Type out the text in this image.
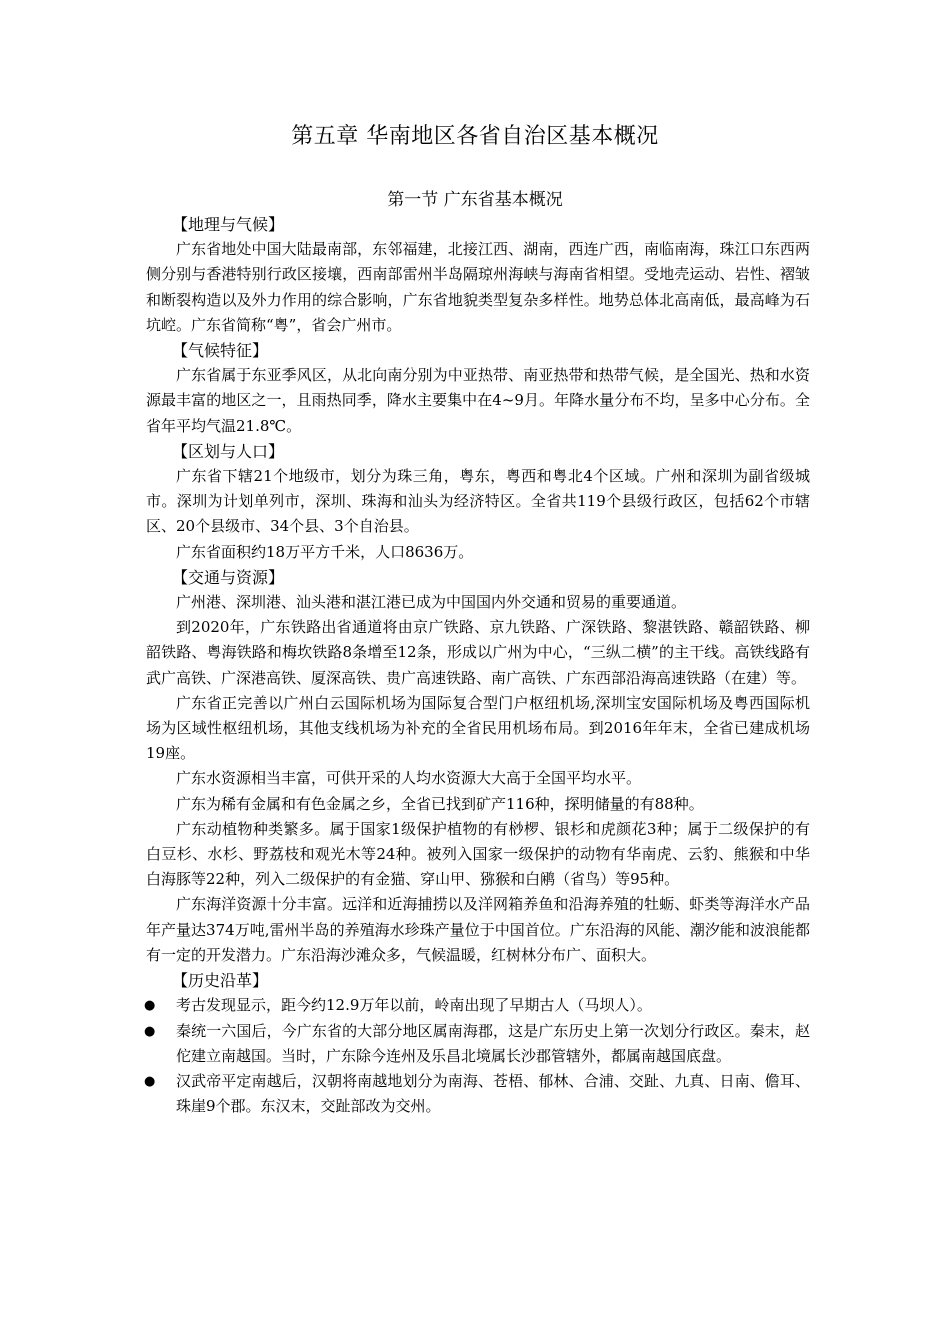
第五章 华南地区各省自治区基本概况
第一节 广东省基本概况

【地理与气候】

广东省地处中国大陆最南部，东邻福建，北接江西、湖南，西连广西，南临南海，珠江口东西两侧分别与香港特别行政区接壤，西南部雷州半岛隔琼州海峡与海南省相望。受地壳运动、岩性、褶皱和断裂构造以及外力作用的综合影响，广东省地貌类型复杂多样性。地势总体北高南低，最高峰为石坑崆。广东省简称“粤”，省会广州市。

【气候特征】

广东省属于东亚季风区，从北向南分别为中亚热带、南亚热带和热带气候，是全国光、热和水资源最丰富的地区之一，且雨热同季，降水主要集中在4~9月。年降水量分布不均，呈多中心分布。全省年平均气温21.8℃。

【区划与人口】

广东省下辖21个地级市，划分为珠三角，粤东，粤西和粤北4个区域。广州和深圳为副省级城市。深圳为计划单列市，深圳、珠海和汕头为经济特区。全省共119个县级行政区，包括62个市辖区、20个县级市、34个县、3个自治县。

广东省面积约18万平方千米，人口8636万。

【交通与资源】

广州港、深圳港、汕头港和湛江港已成为中国国内外交通和贸易的重要通道。

到2020年，广东铁路出省通道将由京广铁路、京九铁路、广深铁路、黎湛铁路、赣韶铁路、柳韶铁路、粤海铁路和梅坎铁路8条增至12条，形成以广州为中心，“三纵二横”的主干线。高铁线路有武广高铁、广深港高铁、厦深高铁、贵广高速铁路、南广高铁、广东西部沿海高速铁路（在建）等。

广东省正完善以广州白云国际机场为国际复合型门户枢纽机场,深圳宝安国际机场及粤西国际机场为区域性枢纽机场，其他支线机场为补充的全省民用机场布局。到2016年年末，全省已建成机场19座。

广东水资源相当丰富，可供开采的人均水资源大大高于全国平均水平。

广东为稀有金属和有色金属之乡，全省已找到矿产116种，探明储量的有88种。

广东动植物种类繁多。属于国家1级保护植物的有桫椤、银杉和虎颜花3种；属于二级保护的有白豆杉、水杉、野荔枝和观光木等24种。被列入国家一级保护的动物有华南虎、云豹、熊猴和中华白海豚等22种，列入二级保护的有金猫、穿山甲、猕猴和白鹇（省鸟）等95种。

广东海洋资源十分丰富。远洋和近海捕捞以及洋网箱养鱼和沿海养殖的牡蛎、虾类等海洋水产品年产量达374万吨,雷州半岛的养殖海水珍珠产量位于中国首位。广东沿海的风能、潮汐能和波浪能都有一定的开发潜力。广东沿海沙滩众多，气候温暖，红树林分布广、面积大。

【历史沿革】

● 考古发现显示，距今约12.9万年以前，岭南出现了早期古人（马坝人）。
● 秦统一六国后，今广东省的大部分地区属南海郡，这是广东历史上第一次划分行政区。秦末，赵佗建立南越国。当时，广东除今连州及乐昌北境属长沙郡管辖外，都属南越国底盘。
● 汉武帝平定南越后，汉朝将南越地划分为南海、苍梧、郁林、合浦、交趾、九真、日南、儋耳、珠崖9个郡。东汉末，交趾部改为交州。
